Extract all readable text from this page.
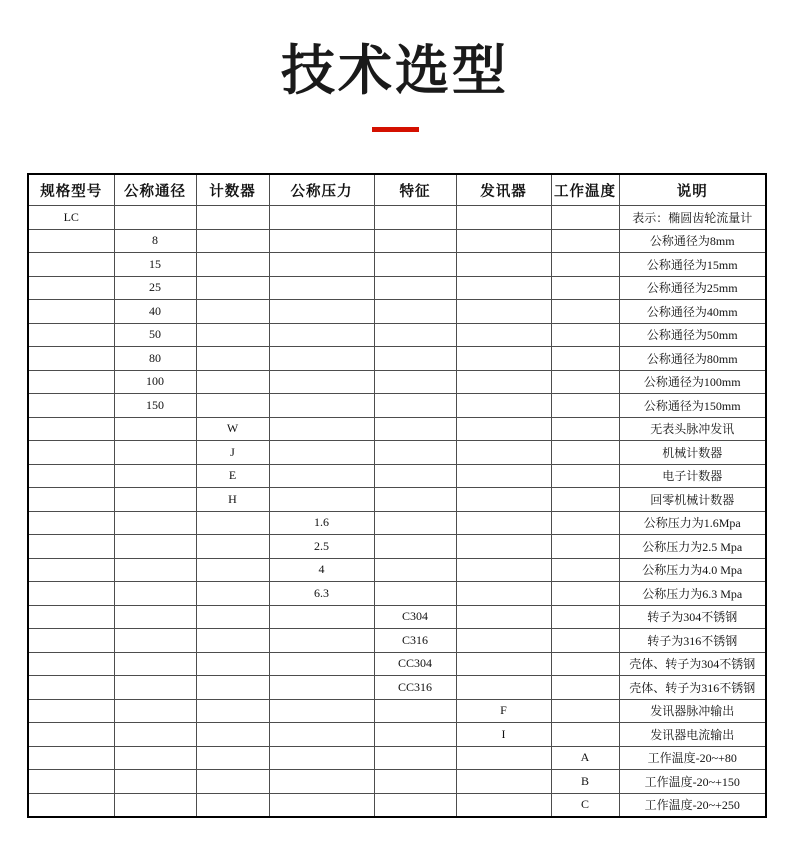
技术选型
规格型号	公称通径	计数器	公称压力	特征	发讯器	工作温度	说明
LC							表示：椭圆齿轮流量计
	8						公称通径为8mm
	15						公称通径为15mm
	25						公称通径为25mm
	40						公称通径为40mm
	50						公称通径为50mm
	80						公称通径为80mm
	100						公称通径为100mm
	150						公称通径为150mm
		W					无表头脉冲发讯
		J					机械计数器
		E					电子计数器
		H					回零机械计数器
			1.6				公称压力为1.6Mpa
			2.5				公称压力为2.5 Mpa
			4				公称压力为4.0 Mpa
			6.3				公称压力为6.3 Mpa
				C304			转子为304不锈钢
				C316			转子为316不锈钢
				CC304			壳体、转子为304不锈钢
				CC316			壳体、转子为316不锈钢
					F		发讯器脉冲输出
					I		发讯器电流输出
						A	工作温度-20~+80
						B	工作温度-20~+150
						C	工作温度-20~+250
